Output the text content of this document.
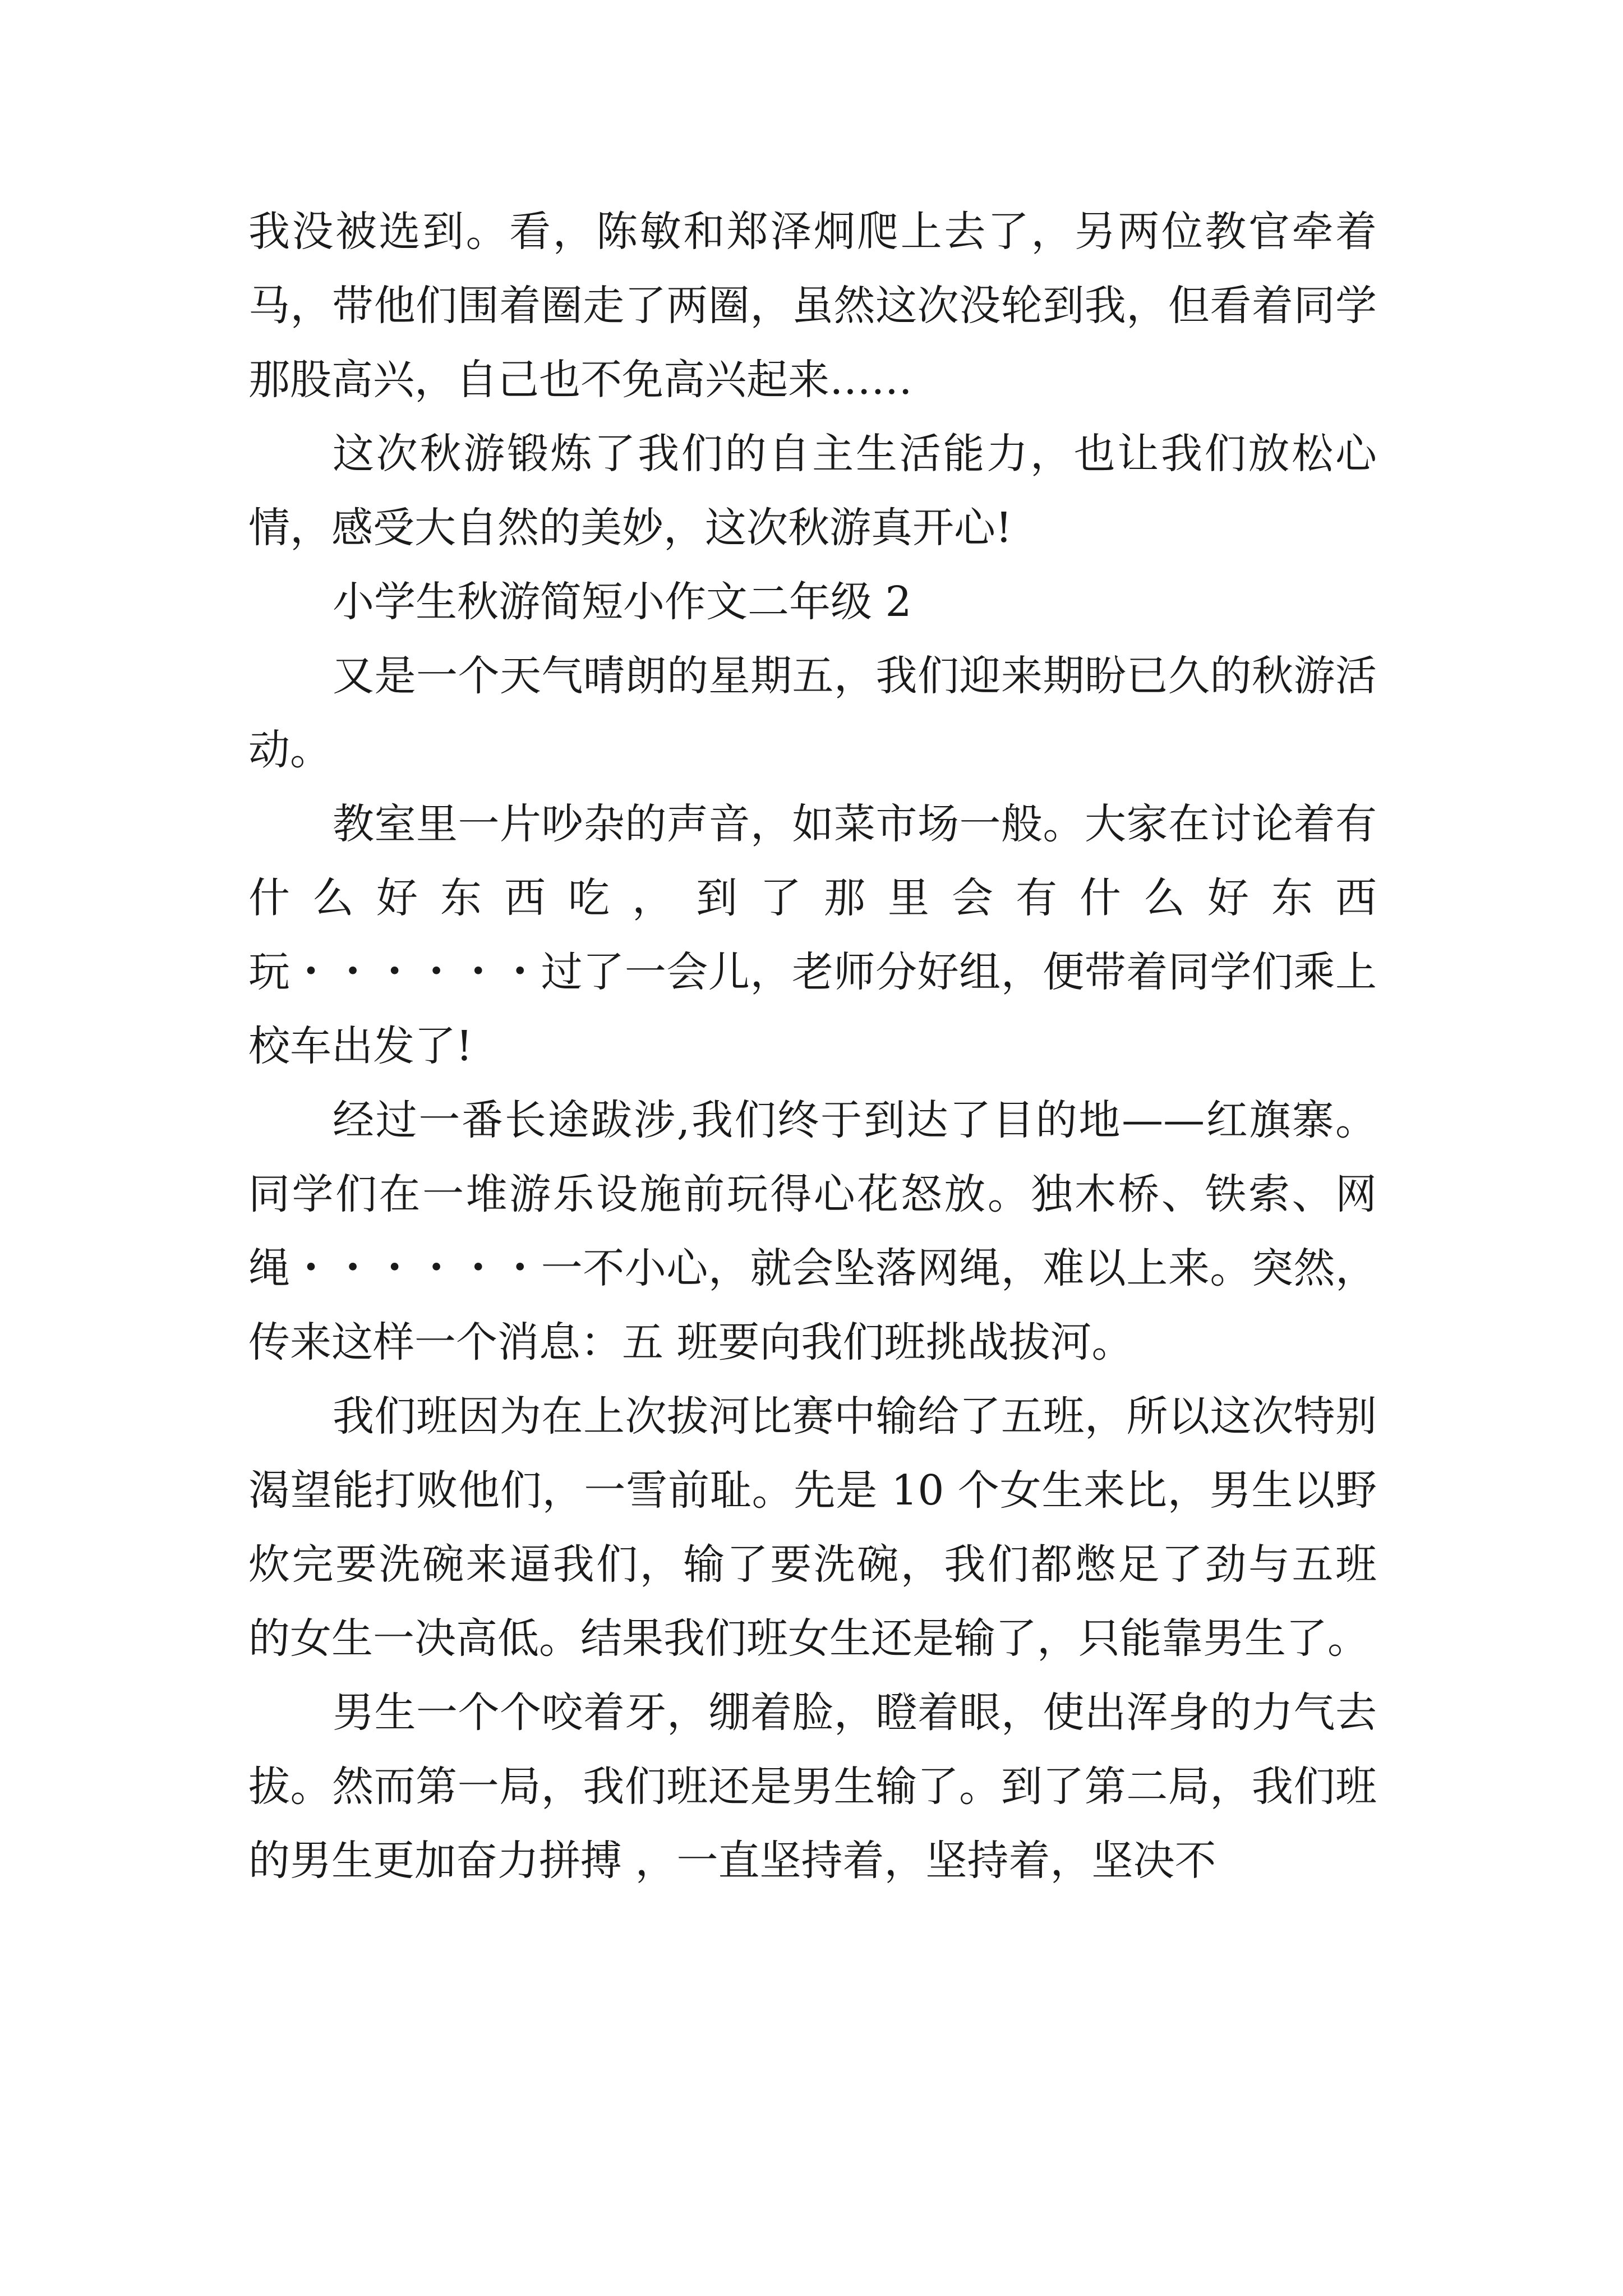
我没被选到。看，陈敏和郑泽炯爬上去了，另两位教官牵着马，带他们围着圈走了两圈，虽然这次没轮到我，但看着同学那股高兴，自己也不免高兴起来……

这次秋游锻炼了我们的自主生活能力，也让我们放松心情，感受大自然的美妙，这次秋游真开心!

小学生秋游简短小作文二年级 2

又是一个天气晴朗的星期五，我们迎来期盼已久的秋游活动。

教室里一片吵杂的声音，如菜市场一般。大家在讨论着有 什 么 好 东 西 吃 ， 到 了 那 里 会 有 什 么 好 东 西 玩・・・・・・过了一会儿，老师分好组，便带着同学们乘上校车出发了!

经过一番长途跋涉,我们终于到达了目的地——红旗寨。同学们在一堆游乐设施前玩得心花怒放。独木桥、铁索、网绳・・・・・・一不小心，就会坠落网绳，难以上来。突然，传来这样一个消息：五 班要向我们班挑战拔河。

我们班因为在上次拔河比赛中输给了五班，所以这次特别渴望能打败他们，一雪前耻。先是 10 个女生来比，男生以野炊完要洗碗来逼我们，输了要洗碗，我们都憋足了劲与五班 的女生一决高低。结果我们班女生还是输了，只能靠男生了。

男生一个个咬着牙，绷着脸，瞪着眼，使出浑身的力气去拔。然而第一局，我们班还是男生输了。到了第二局，我们班的男生更加奋力拼搏 ，一直坚持着，坚持着，坚决不
